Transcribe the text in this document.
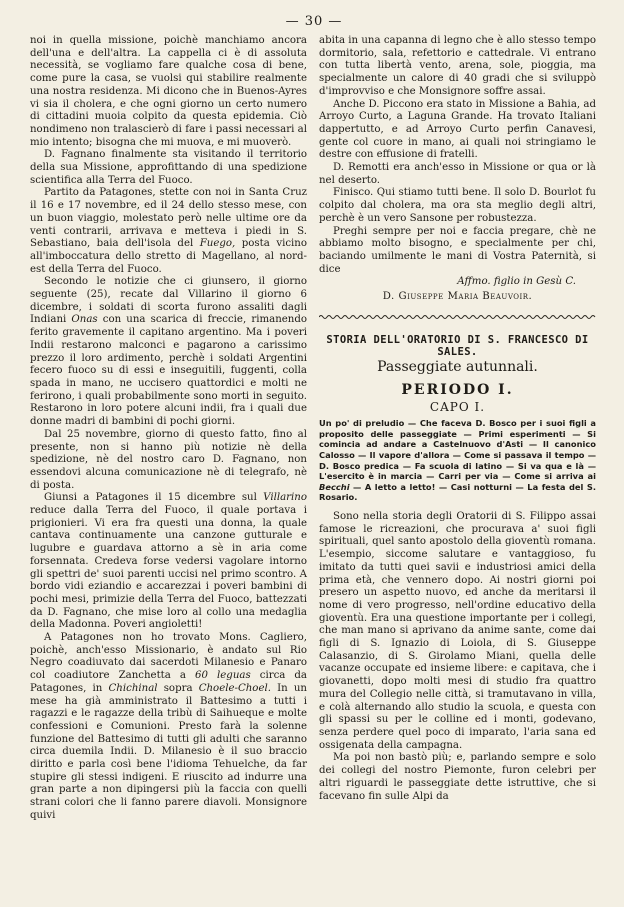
— 30 —

noi in quella missione, poichè manchiamo ancora dell'una e dell'altra. La cappella ci è di assoluta necessità, se vogliamo fare qualche cosa di bene, come pure la casa, se vuolsi qui stabilire realmente una nostra residenza. Mi dicono che in Buenos-Ayres vi sia il cholera, e che ogni giorno un certo numero di cittadini muoia colpito da questa epidemia. Ciò nondimeno non tralascierò di fare i passi necessari al mio intento; bisogna che mi muova, e mi muoverò.

D. Fagnano finalmente sta visitando il territorio della sua Missione, approfittando di una spedizione scientifica alla Terra del Fuoco.

Partito da Patagones, stette con noi in Santa Cruz il 16 e 17 novembre, ed il 24 dello stesso mese, con un buon viaggio, molestato però nelle ultime ore da venti contrarii, arrivava e metteva i piedi in S. Sebastiano, baia dell'isola del Fuego, posta vicino all'imboccatura dello stretto di Magellano, al nord-est della Terra del Fuoco.

Secondo le notizie che ci giunsero, il giorno seguente (25), recate dal Villarino il giorno 6 dicembre, i soldati di scorta furono assaliti dagli Indiani Onas con una scarica di freccie, rimanendo ferito gravemente il capitano argentino. Ma i poveri Indii restarono malconci e pagarono a carissimo prezzo il loro ardimento, perchè i soldati Argentini fecero fuoco su di essi e inseguitili, fuggenti, colla spada in mano, ne uccisero quattordici e molti ne ferirono, i quali probabilmente sono morti in seguito. Restarono in loro potere alcuni indii, fra i quali due donne madri di bambini di pochi giorni.

Dal 25 novembre, giorno di questo fatto, fino al presente, non si hanno più notizie nè della spedizione, nè del nostro caro D. Fagnano, non essendovi alcuna comunicazione nè di telegrafo, nè di posta.

Giunsi a Patagones il 15 dicembre sul Villarino reduce dalla Terra del Fuoco, il quale portava i prigionieri. Vi era fra questi una donna, la quale cantava continuamente una canzone gutturale e lugubre e guardava attorno a sè in aria come forsennata. Credeva forse vedersi vagolare intorno gli spettri de' suoi parenti uccisi nel primo scontro. A bordo vidi eziandio e accarezzai i poveri bambini di pochi mesi, primizie della Terra del Fuoco, battezzati da D. Fagnano, che mise loro al collo una medaglia della Madonna. Poveri angioletti!

A Patagones non ho trovato Mons. Cagliero, poichè, anch'esso Missionario, è andato sul Rio Negro coadiuvato dai sacerdoti Milanesio e Panaro col coadiutore Zanchetta a 60 leguas circa da Patagones, in Chichinal sopra Choele-Choel. In un mese ha già amministrato il Battesimo a tutti i ragazzi e le ragazze della tribù di Saihueque e molte confessioni e Comunioni. Presto farà la solenne funzione del Battesimo di tutti gli adulti che saranno circa duemila Indii. D. Milanesio è il suo braccio diritto e parla così bene l'idioma Tehuelche, da far stupire gli stessi indigeni. E riuscito ad indurre una gran parte a non dipingersi più la faccia con quelli strani colori che li fanno parere diavoli. Monsignore quivi

abita in una capanna di legno che è allo stesso tempo dormitorio, sala, refettorio e cattedrale. Vi entrano con tutta libertà vento, arena, sole, pioggia, ma specialmente un calore di 40 gradi che si sviluppò d'improvviso e che Monsignore soffre assai.

Anche D. Piccono era stato in Missione a Bahia, ad Arroyo Curto, a Laguna Grande. Ha trovato Italiani dappertutto, e ad Arroyo Curto perfin Canavesi, gente col cuore in mano, ai quali noi stringiamo le destre con effusione di fratelli.

D. Remotti era anch'esso in Missione or qua or là nel deserto.

Finisco. Qui stiamo tutti bene. Il solo D. Bourlot fu colpito dal cholera, ma ora sta meglio degli altri, perchè è un vero Sansone per robustezza.

Preghi sempre per noi e faccia pregare, chè ne abbiamo molto bisogno, e specialmente per chi, baciando umilmente le mani di Vostra Paternità, si dice

Affmo. figlio in Gesù C.
D. Giuseppe Maria Beauvoir.
STORIA DELL'ORATORIO DI S. FRANCESCO DI SALES.
Passeggiate autunnali.
PERIODO I.
CAPO I.
Un po' di preludio — Che faceva D. Bosco per i suoi figli a proposito delle passeggiate — Primi esperimenti — Si comincia ad andare a Castelnuovo d'Asti — Il canonico Calosso — Il vapore d'allora — Come si passava il tempo — D. Bosco predica — Fa scuola di latino — Si va qua e là — L'esercito è in marcia — Carri per via — Come si arriva ai Becchi — A letto a letto! — Casi notturni — La festa del S. Rosario.

Sono nella storia degli Oratorii di S. Filippo assai famose le ricreazioni, che procurava a' suoi figli spirituali, quel santo apostolo della gioventù romana. L'esempio, siccome salutare e vantaggioso, fu imitato da tutti quei savii e industriosi amici della prima età, che vennero dopo. Ai nostri giorni poi presero un aspetto nuovo, ed anche da meritarsi il nome di vero progresso, nell'ordine educativo della gioventù. Era una questione importante per i collegi, che man mano si aprivano da anime sante, come dai figli di S. Ignazio di Loiola, di S. Giuseppe Calasanzio, di S. Girolamo Miani, quella delle vacanze occupate ed insieme libere: e capitava, che i giovanetti, dopo molti mesi di studio fra quattro mura del Collegio nelle città, si tramutavano in villa, e colà alternando allo studio la scuola, e questa con gli spassi su per le colline ed i monti, godevano, senza perdere quel poco di imparato, l'aria sana ed ossigenata della campagna.

Ma poi non bastò più; e, parlando sempre e solo dei collegi del nostro Piemonte, furon celebri per altri riguardi le passeggiate dette istruttive, che si facevano fin sulle Alpi da
